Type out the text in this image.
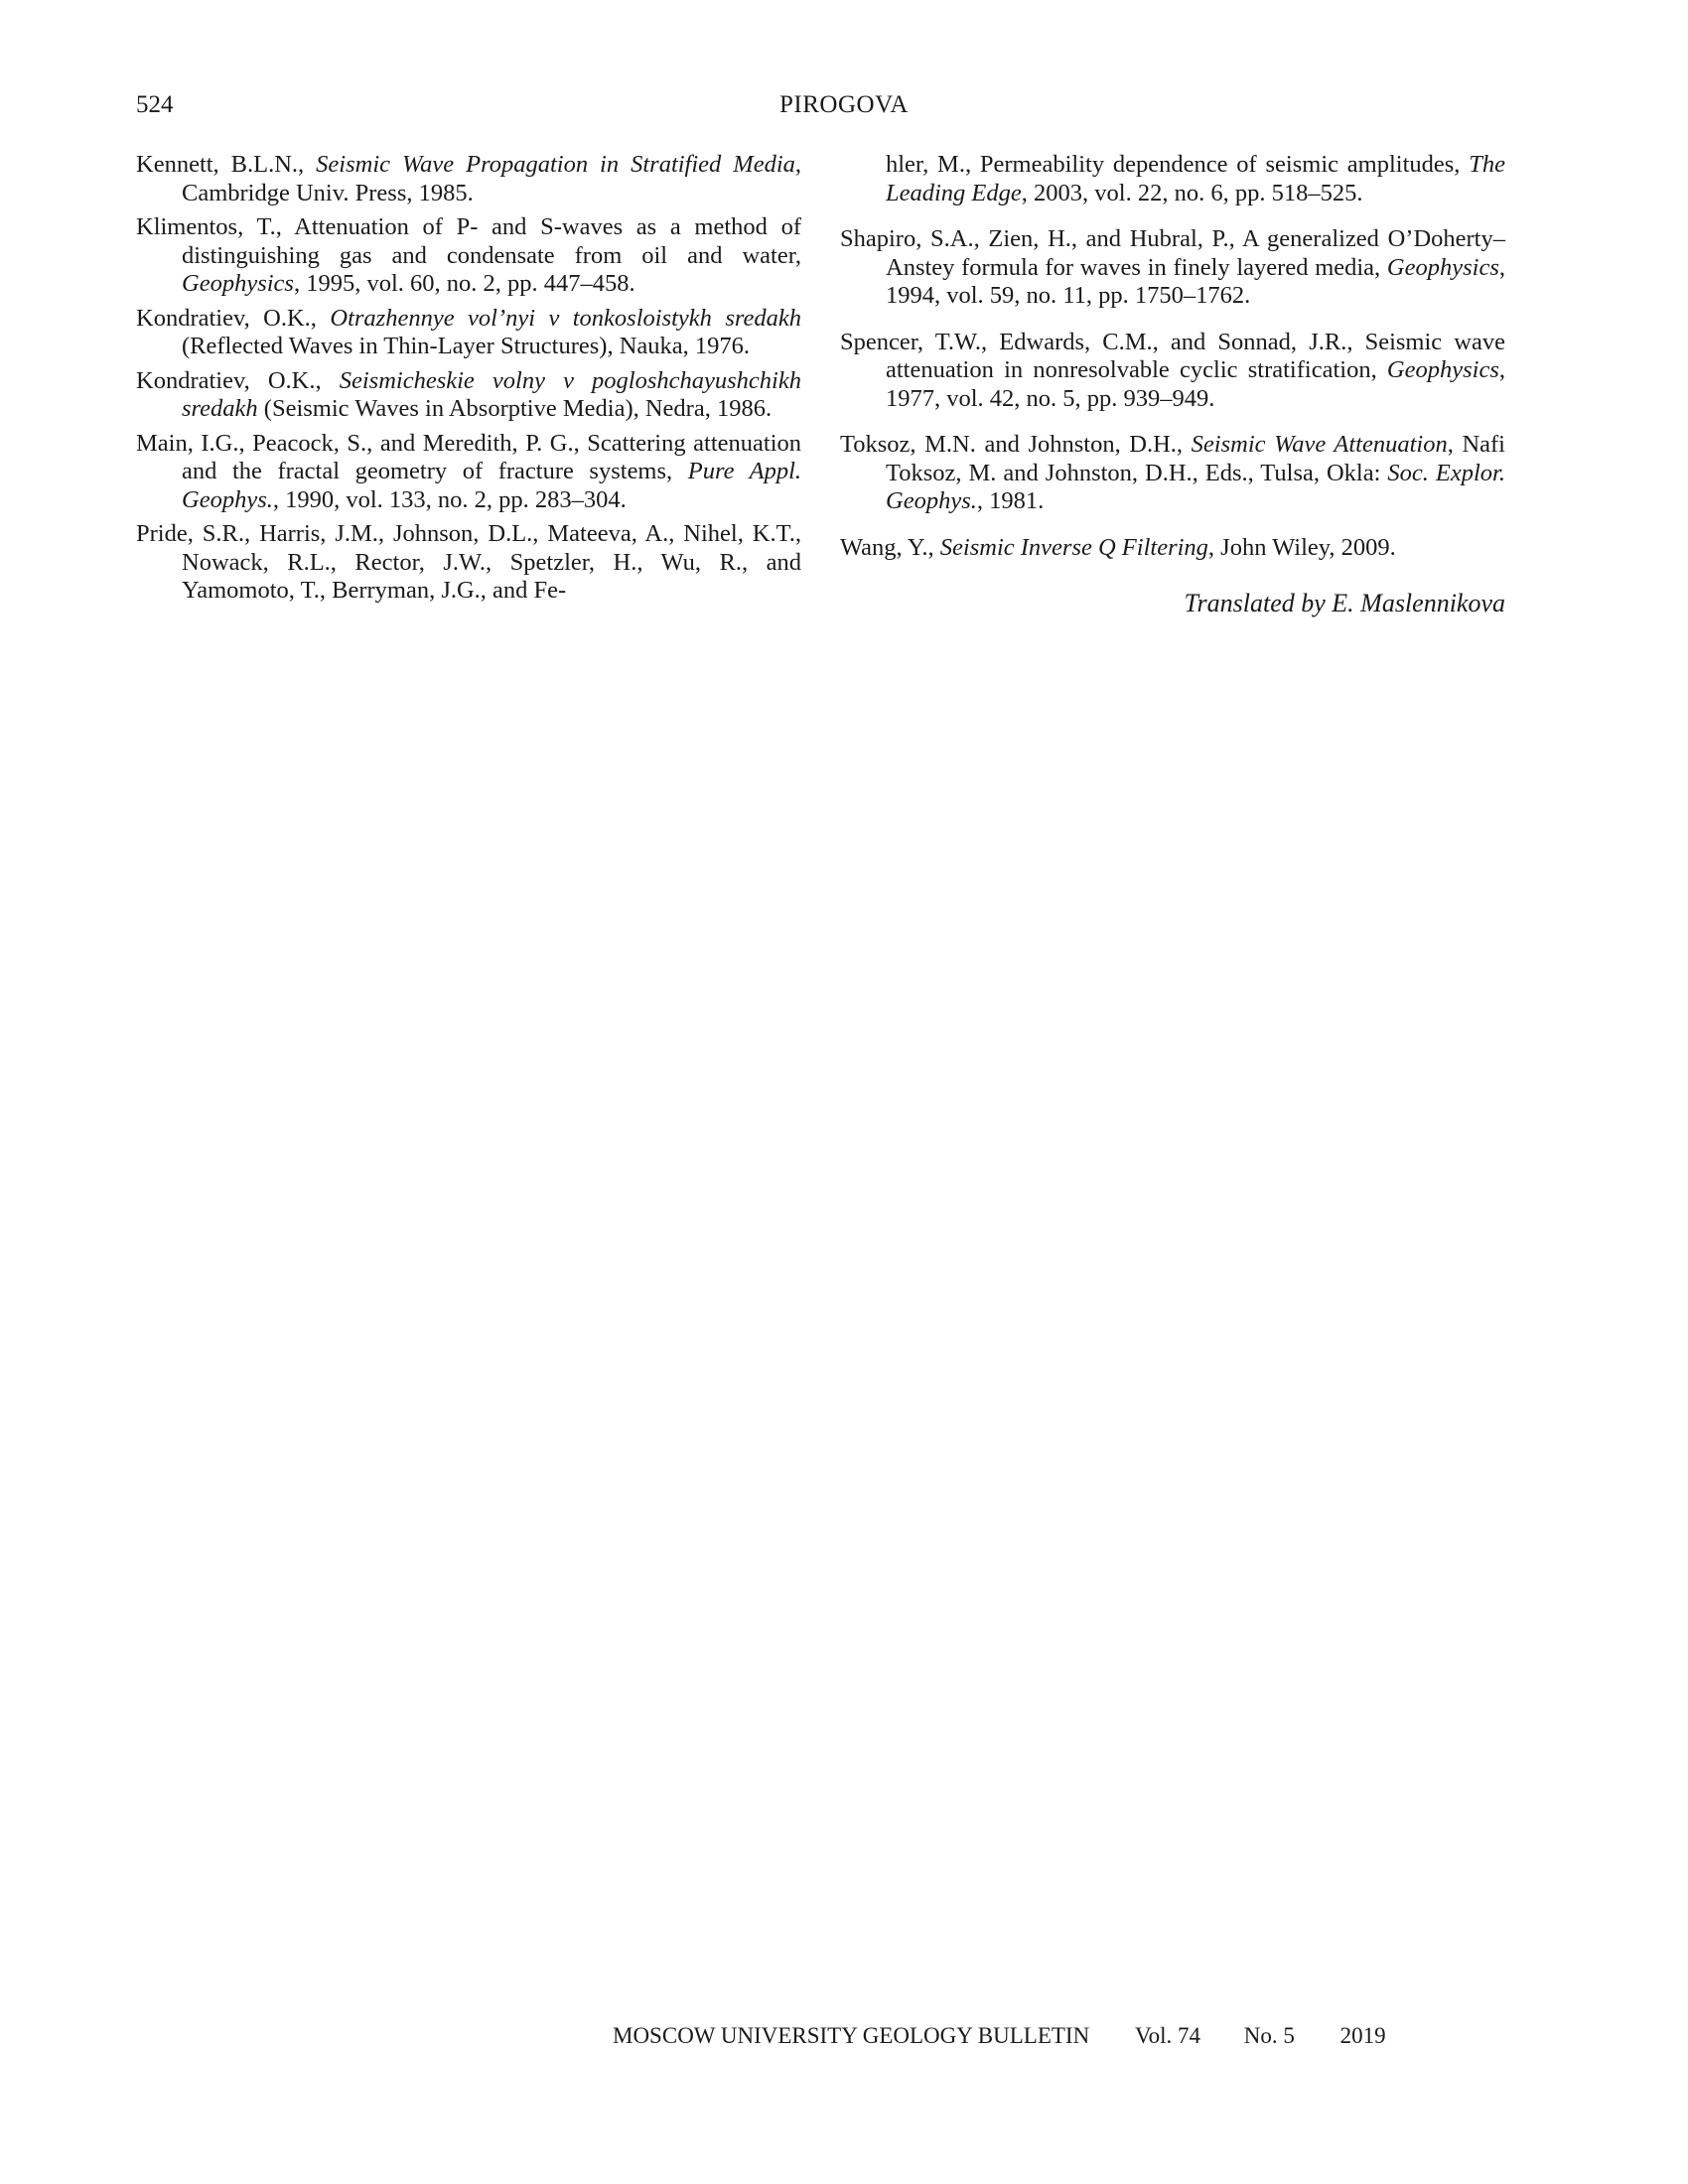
524	PIROGOVA

Kennett, B.L.N., Seismic Wave Propagation in Stratified Media, Cambridge Univ. Press, 1985.

Klimentos, T., Attenuation of P- and S-waves as a method of distinguishing gas and condensate from oil and water, Geophysics, 1995, vol. 60, no. 2, pp. 447–458.

Kondratiev, O.K., Otrazhennye vol’nyi v tonkosloistykh sredakh (Reflected Waves in Thin-Layer Structures), Nauka, 1976.

Kondratiev, O.K., Seismicheskie volny v pogloshchayushchikh sredakh (Seismic Waves in Absorptive Media), Nedra, 1986.

Main, I.G., Peacock, S., and Meredith, P. G., Scattering attenuation and the fractal geometry of fracture systems, Pure Appl. Geophys., 1990, vol. 133, no. 2, pp. 283–304.

Pride, S.R., Harris, J.M., Johnson, D.L., Mateeva, A., Nihel, K.T., Nowack, R.L., Rector, J.W., Spetzler, H., Wu, R., and Yamomoto, T., Berryman, J.G., and Fe-

hler, M., Permeability dependence of seismic amplitudes, The Leading Edge, 2003, vol. 22, no. 6, pp. 518–525.

Shapiro, S.A., Zien, H., and Hubral, P., A generalized O’Doherty–Anstey formula for waves in finely layered media, Geophysics, 1994, vol. 59, no. 11, pp. 1750–1762.

Spencer, T.W., Edwards, C.M., and Sonnad, J.R., Seismic wave attenuation in nonresolvable cyclic stratification, Geophysics, 1977, vol. 42, no. 5, pp. 939–949.

Toksoz, M.N. and Johnston, D.H., Seismic Wave Attenuation, Nafi Toksoz, M. and Johnston, D.H., Eds., Tulsa, Okla: Soc. Explor. Geophys., 1981.

Wang, Y., Seismic Inverse Q Filtering, John Wiley, 2009.

Translated by E. Maslennikova
MOSCOW UNIVERSITY GEOLOGY BULLETIN Vol. 74 No. 5 2019
